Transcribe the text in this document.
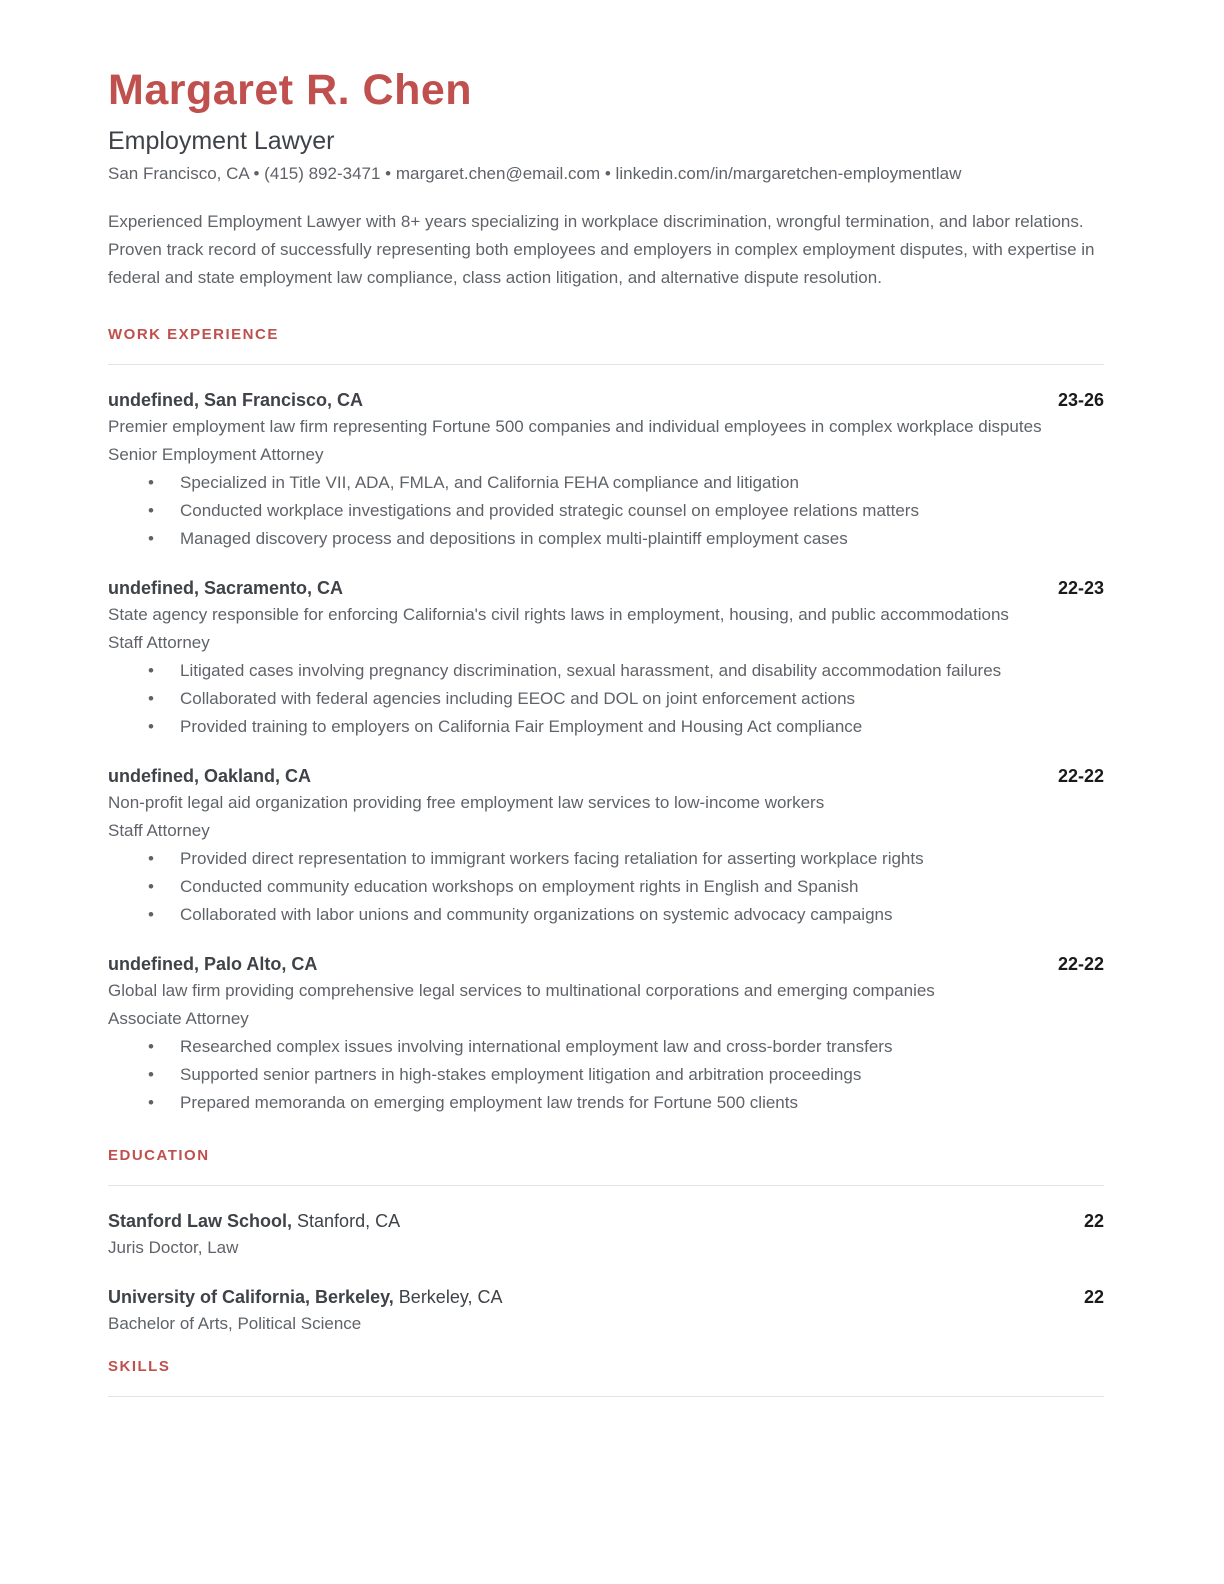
Margaret R. Chen
Employment Lawyer
San Francisco, CA • (415) 892-3471 • margaret.chen@email.com • linkedin.com/in/margaretchen-employmentlaw

Experienced Employment Lawyer with 8+ years specializing in workplace discrimination, wrongful termination, and labor relations. Proven track record of successfully representing both employees and employers in complex employment disputes, with expertise in federal and state employment law compliance, class action litigation, and alternative dispute resolution.

WORK EXPERIENCE
undefined, San Francisco, CA	23-26

Premier employment law firm representing Fortune 500 companies and individual employees in complex workplace disputes

Senior Employment Attorney

• Specialized in Title VII, ADA, FMLA, and California FEHA compliance and litigation
• Conducted workplace investigations and provided strategic counsel on employee relations matters
• Managed discovery process and depositions in complex multi-plaintiff employment cases
undefined, Sacramento, CA	22-23

State agency responsible for enforcing California's civil rights laws in employment, housing, and public accommodations

Staff Attorney

• Litigated cases involving pregnancy discrimination, sexual harassment, and disability accommodation failures
• Collaborated with federal agencies including EEOC and DOL on joint enforcement actions
• Provided training to employers on California Fair Employment and Housing Act compliance
undefined, Oakland, CA	22-22

Non-profit legal aid organization providing free employment law services to low-income workers

Staff Attorney

• Provided direct representation to immigrant workers facing retaliation for asserting workplace rights
• Conducted community education workshops on employment rights in English and Spanish
• Collaborated with labor unions and community organizations on systemic advocacy campaigns
undefined, Palo Alto, CA	22-22

Global law firm providing comprehensive legal services to multinational corporations and emerging companies

Associate Attorney

• Researched complex issues involving international employment law and cross-border transfers
• Supported senior partners in high-stakes employment litigation and arbitration proceedings
• Prepared memoranda on emerging employment law trends for Fortune 500 clients
EDUCATION
Stanford Law School, Stanford, CA	22

Juris Doctor, Law

University of California, Berkeley, Berkeley, CA	22

Bachelor of Arts, Political Science

SKILLS
